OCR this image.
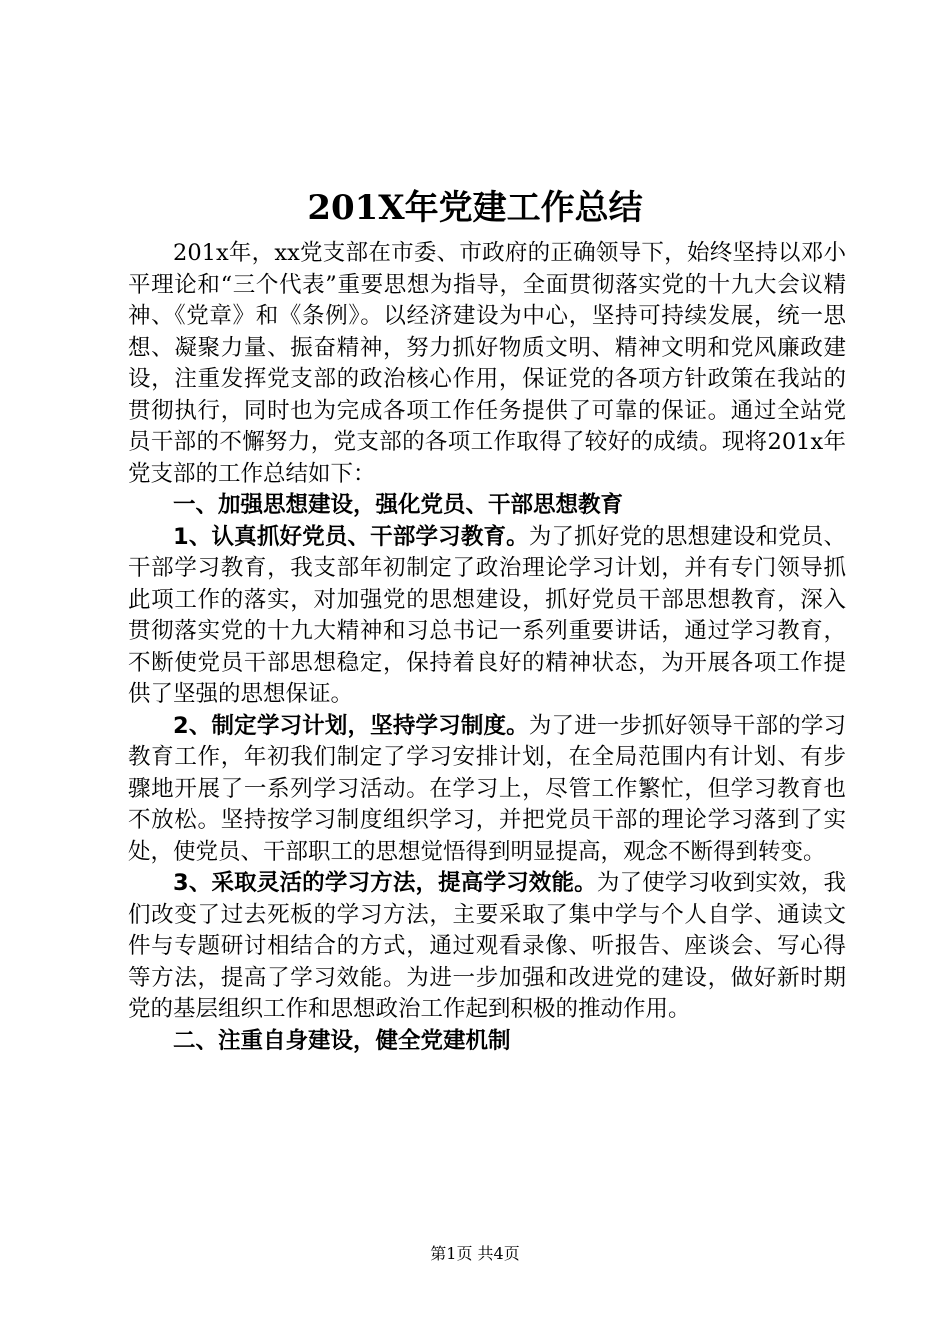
201X年党建工作总结

201x年，xx党支部在市委、市政府的正确领导下，始终坚持以邓小平理论和“三个代表”重要思想为指导，全面贯彻落实党的十九大会议精神、《党章》和《条例》。以经济建设为中心，坚持可持续发展，统一思想、凝聚力量、振奋精神，努力抓好物质文明、精神文明和党风廉政建设，注重发挥党支部的政治核心作用，保证党的各项方针政策在我站的贯彻执行，同时也为完成各项工作任务提供了可靠的保证。通过全站党员干部的不懈努力，党支部的各项工作取得了较好的成绩。现将201x年党支部的工作总结如下：

一、加强思想建设，强化党员、干部思想教育

1、认真抓好党员、干部学习教育。为了抓好党的思想建设和党员、干部学习教育，我支部年初制定了政治理论学习计划，并有专门领导抓此项工作的落实，对加强党的思想建设，抓好党员干部思想教育，深入贯彻落实党的十九大精神和习总书记一系列重要讲话，通过学习教育，不断使党员干部思想稳定，保持着良好的精神状态，为开展各项工作提供了坚强的思想保证。

2、制定学习计划，坚持学习制度。为了进一步抓好领导干部的学习教育工作，年初我们制定了学习安排计划，在全局范围内有计划、有步骤地开展了一系列学习活动。在学习上，尽管工作繁忙，但学习教育也不放松。坚持按学习制度组织学习，并把党员干部的理论学习落到了实处，使党员、干部职工的思想觉悟得到明显提高，观念不断得到转变。

3、采取灵活的学习方法，提高学习效能。为了使学习收到实效，我们改变了过去死板的学习方法，主要采取了集中学与个人自学、通读文件与专题研讨相结合的方式，通过观看录像、听报告、座谈会、写心得等方法，提高了学习效能。为进一步加强和改进党的建设，做好新时期党的基层组织工作和思想政治工作起到积极的推动作用。

二、注重自身建设，健全党建机制

第1页 共4页
